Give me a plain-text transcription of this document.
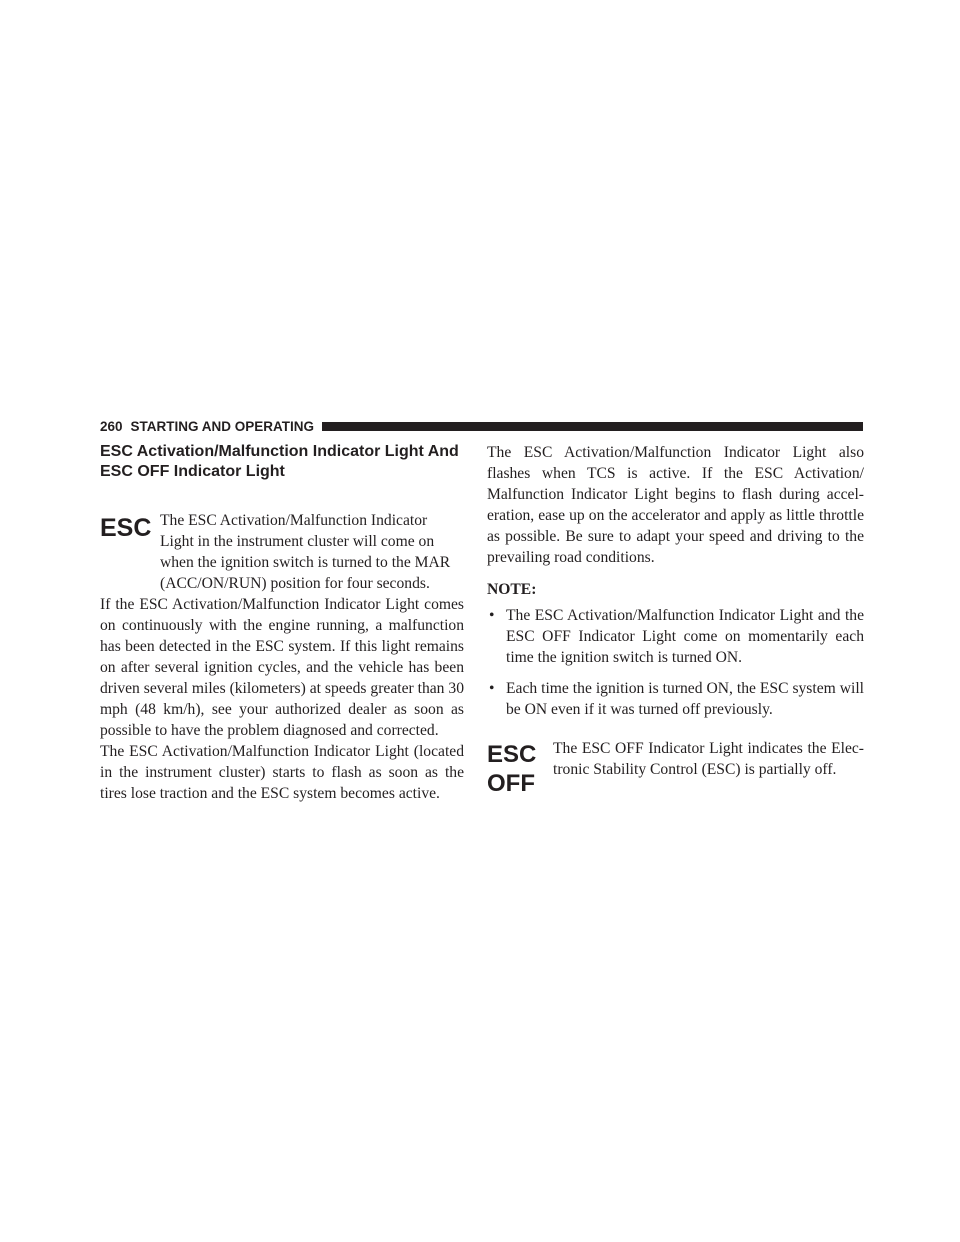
260 STARTING AND OPERATING
ESC Activation/Malfunction Indicator Light And
ESC OFF Indicator Light
ESC The ESC Activation/Malfunction Indicator

Light in the instrument cluster will come on

when the ignition switch is turned to the MAR

(ACC/ON/RUN) position for four seconds.

If the ESC Activation/Malfunction Indicator Light comes on continuously with the engine running, a malfunction has been detected in the ESC system. If this light remains on after several ignition cycles, and the vehicle has been driven several miles (kilometers) at speeds greater than 30 mph (48 km/h), see your authorized dealer as soon as possible to have the problem diagnosed and corrected.

The ESC Activation/Malfunction Indicator Light (located in the instrument cluster) starts to flash as soon as the tires lose traction and the ESC system becomes active.

The ESC Activation/Malfunction Indicator Light also flashes when TCS is active. If the ESC Activation/ Malfunction Indicator Light begins to flash during accel-eration, ease up on the accelerator and apply as little throttle as possible. Be sure to adapt your speed and driving to the prevailing road conditions.

NOTE:
• The ESC Activation/Malfunction Indicator Light and the ESC OFF Indicator Light come on momentarily each time the ignition switch is turned ON.
• Each time the ignition is turned ON, the ESC system will be ON even if it was turned off previously.
ESC
OFF

The ESC OFF Indicator Light indicates the Elec-tronic Stability Control (ESC) is partially off.
